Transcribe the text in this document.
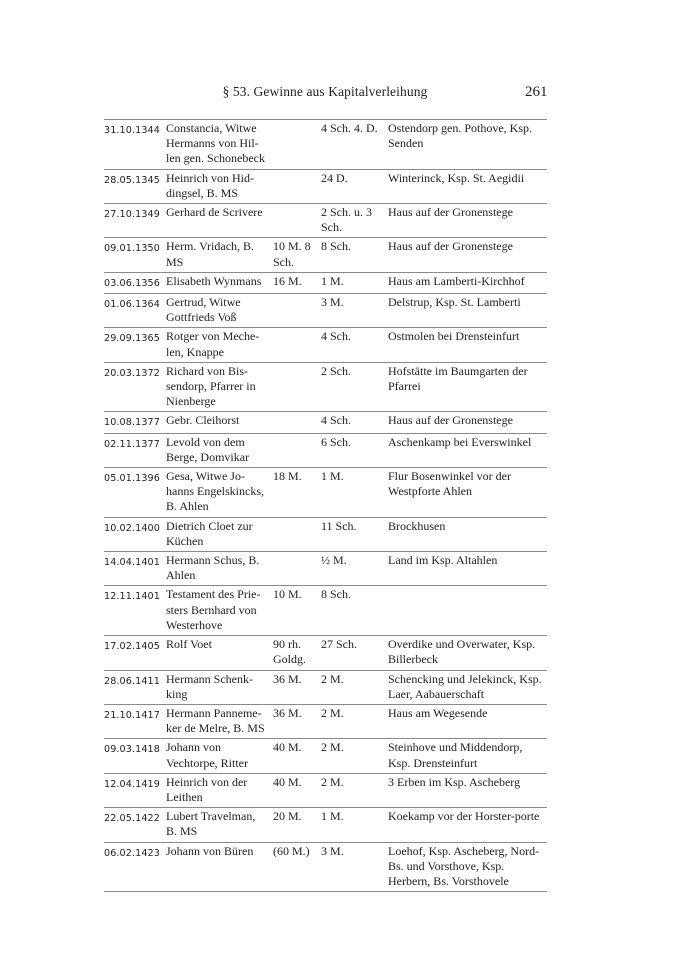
§ 53. Gewinne aus Kapitalverleihung	261
31.10.1344	Constancia, Witwe Hermanns von Hil-len gen. Schonebeck		4 Sch. 4. D.	Ostendorp gen. Pothove, Ksp. Senden
28.05.1345	Heinrich von Hid-dingsel, B. MS		24 D.	Winterinck, Ksp. St. Aegidii
27.10.1349	Gerhard de Scrivere		2 Sch. u. 3 Sch.	Haus auf der Gronenstege
09.01.1350	Herm. Vridach, B. MS	10 M. 8 Sch.	8 Sch.	Haus auf der Gronenstege
03.06.1356	Elisabeth Wynmans	16 M.	1 M.	Haus am Lamberti-Kirchhof
01.06.1364	Gertrud, Witwe Gottfrieds Voß		3 M.	Delstrup, Ksp. St. Lamberti
29.09.1365	Rotger von Meche-len, Knappe		4 Sch.	Ostmolen bei Drensteinfurt
20.03.1372	Richard von Bis-sendorp, Pfarrer in Nienberge		2 Sch.	Hofstätte im Baumgarten der Pfarrei
10.08.1377	Gebr. Cleihorst		4 Sch.	Haus auf der Gronenstege
02.11.1377	Levold von dem Berge, Domvikar		6 Sch.	Aschenkamp bei Everswinkel
05.01.1396	Gesa, Witwe Jo-hanns Engelskincks, B. Ahlen	18 M.	1 M.	Flur Bosenwinkel vor der Westpforte Ahlen
10.02.1400	Dietrich Cloet zur Küchen		11 Sch.	Brockhusen
14.04.1401	Hermann Schus, B. Ahlen		½ M.	Land im Ksp. Altahlen
12.11.1401	Testament des Prie-sters Bernhard von Westerhove	10 M.	8 Sch.	
17.02.1405	Rolf Voet	90 rh. Goldg.	27 Sch.	Overdike und Overwater, Ksp. Billerbeck
28.06.1411	Hermann Schenk-king	36 M.	2 M.	Schencking und Jelekinck, Ksp. Laer, Aabauerschaft
21.10.1417	Hermann Panneme-ker de Melre, B. MS	36 M.	2 M.	Haus am Wegesende
09.03.1418	Johann von Vechtorpe, Ritter	40 M.	2 M.	Steinhove und Middendorp, Ksp. Drensteinfurt
12.04.1419	Heinrich von der Leithen	40 M.	2 M.	3 Erben im Ksp. Ascheberg
22.05.1422	Lubert Travelman, B. MS	20 M.	1 M.	Koekamp vor der Horster-porte
06.02.1423	Johann von Büren	(60 M.)	3 M.	Loehof, Ksp. Ascheberg, Nord-Bs. und Vorsthove, Ksp. Herbern, Bs. Vorsthovele
